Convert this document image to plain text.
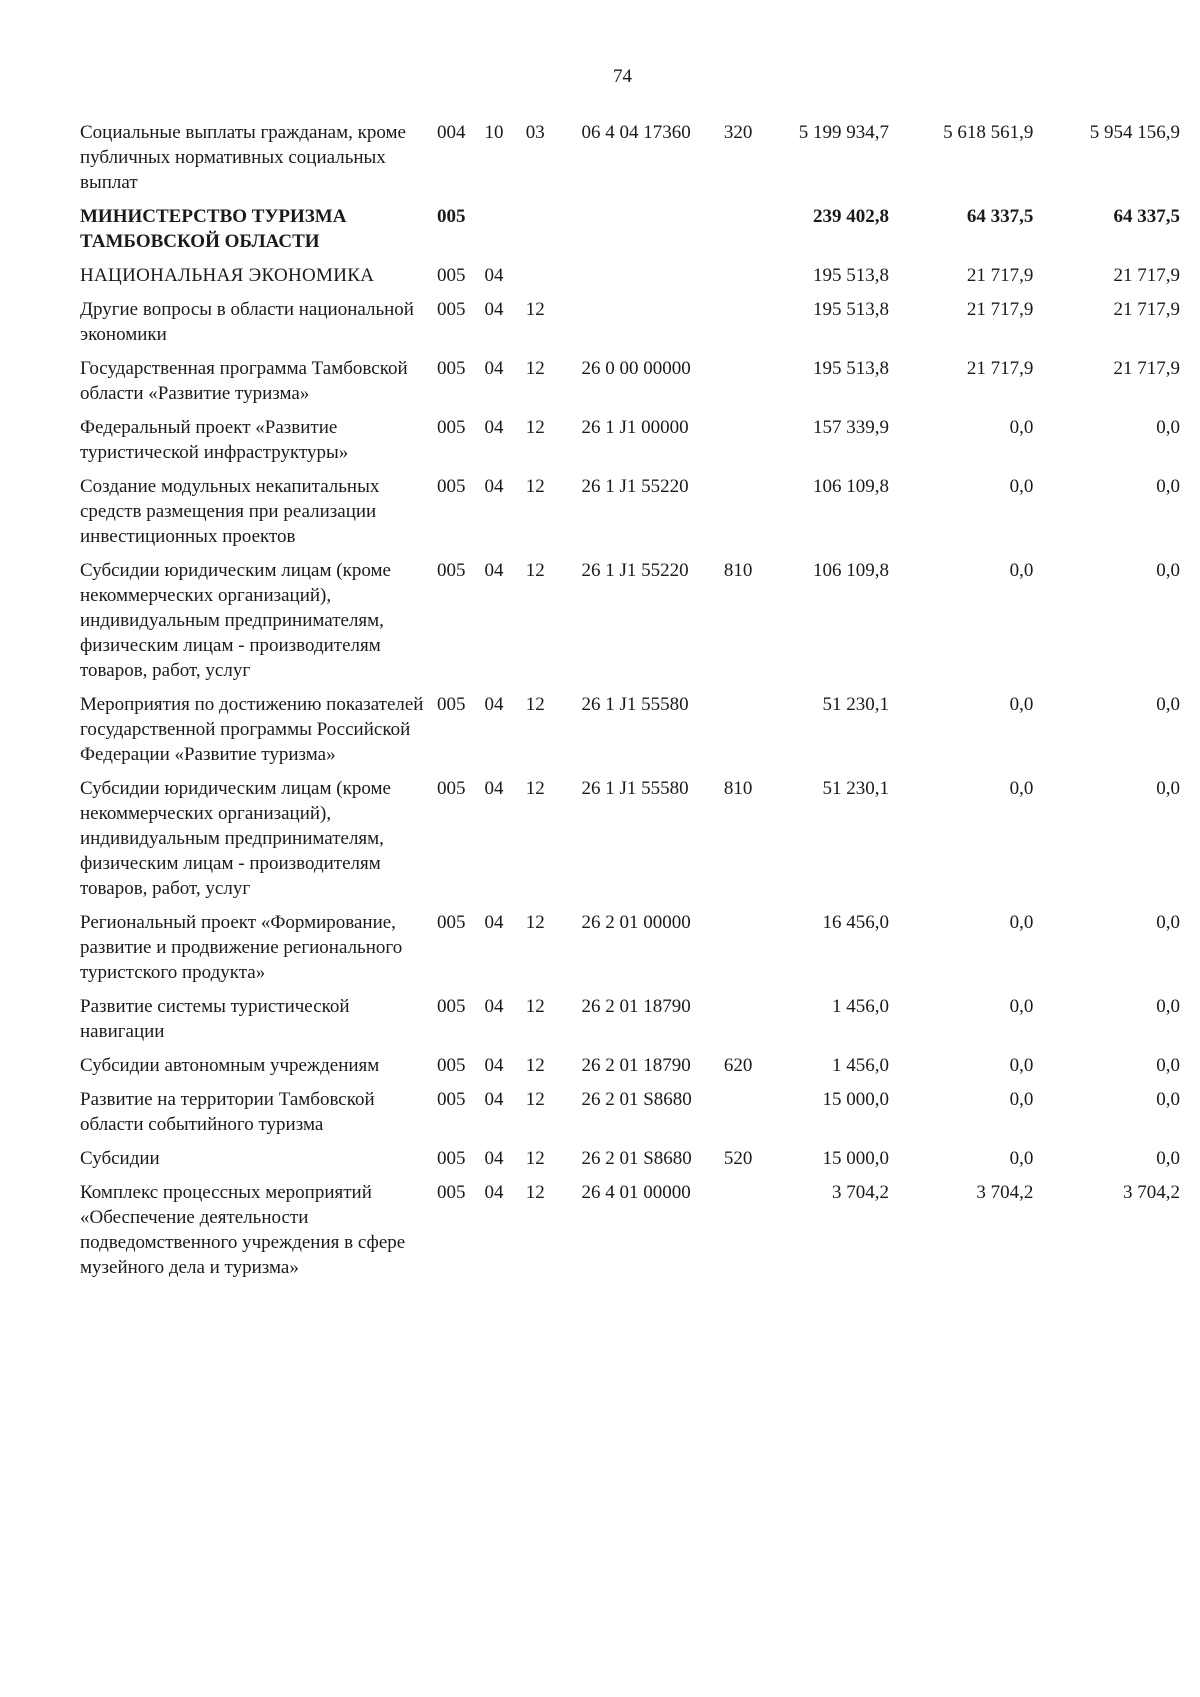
74
Социальные выплаты гражданам, кроме публичных нормативных социальных выплат	004	10	03	06 4 04 17360	320	5 199 934,7	5 618 561,9	5 954 156,9
МИНИСТЕРСТВО ТУРИЗМА ТАМБОВСКОЙ ОБЛАСТИ	005					239 402,8	64 337,5	64 337,5
НАЦИОНАЛЬНАЯ ЭКОНОМИКА	005	04				195 513,8	21 717,9	21 717,9
Другие вопросы в области национальной экономики	005	04	12			195 513,8	21 717,9	21 717,9
Государственная программа Тамбовской области «Развитие туризма»	005	04	12	26 0 00 00000		195 513,8	21 717,9	21 717,9
Федеральный проект «Развитие туристической инфраструктуры»	005	04	12	26 1 J1 00000		157 339,9	0,0	0,0
Создание модульных некапитальных средств размещения при реализации инвестиционных проектов	005	04	12	26 1 J1 55220		106 109,8	0,0	0,0
Субсидии юридическим лицам (кроме некоммерческих организаций), индивидуальным предпринимателям, физическим лицам - производителям товаров, работ, услуг	005	04	12	26 1 J1 55220	810	106 109,8	0,0	0,0
Мероприятия по достижению показателей государственной программы Российской Федерации «Развитие туризма»	005	04	12	26 1 J1 55580		51 230,1	0,0	0,0
Субсидии юридическим лицам (кроме некоммерческих организаций), индивидуальным предпринимателям, физическим лицам - производителям товаров, работ, услуг	005	04	12	26 1 J1 55580	810	51 230,1	0,0	0,0
Региональный проект «Формирование, развитие и продвижение регионального туристского продукта»	005	04	12	26 2 01 00000		16 456,0	0,0	0,0
Развитие системы туристической навигации	005	04	12	26 2 01 18790		1 456,0	0,0	0,0
Субсидии автономным учреждениям	005	04	12	26 2 01 18790	620	1 456,0	0,0	0,0
Развитие на территории Тамбовской области событийного туризма	005	04	12	26 2 01 S8680		15 000,0	0,0	0,0
Субсидии	005	04	12	26 2 01 S8680	520	15 000,0	0,0	0,0
Комплекс процессных мероприятий «Обеспечение деятельности подведомственного учреждения в сфере музейного дела и туризма»	005	04	12	26 4 01 00000		3 704,2	3 704,2	3 704,2
